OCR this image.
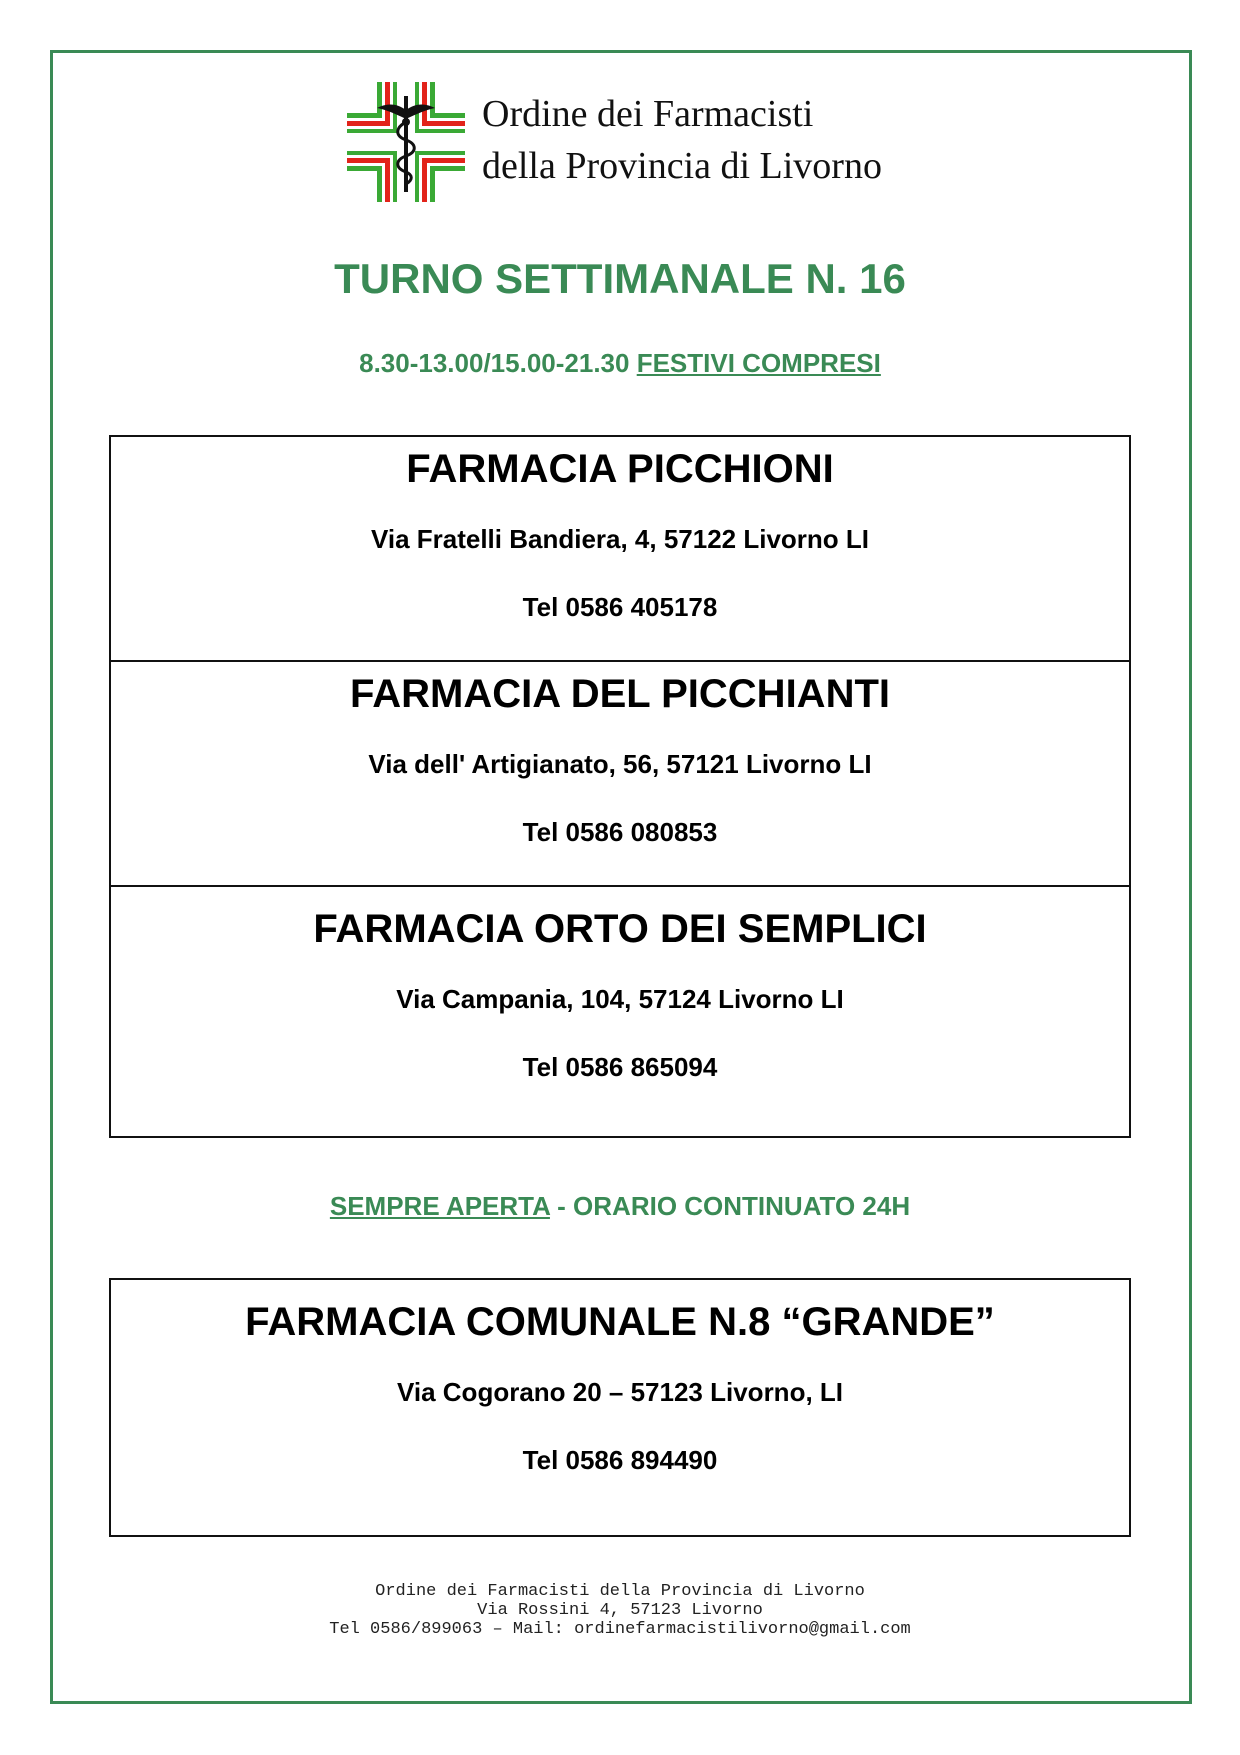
Ordine dei Farmacisti
della Provincia di Livorno
TURNO SETTIMANALE N. 16
8.30-13.00/15.00-21.30 FESTIVI COMPRESI
FARMACIA PICCHIONI
Via Fratelli Bandiera, 4, 57122 Livorno LI
Tel 0586 405178
FARMACIA DEL PICCHIANTI
Via dell' Artigianato, 56, 57121 Livorno LI
Tel 0586 080853
FARMACIA ORTO DEI SEMPLICI
Via Campania, 104, 57124 Livorno LI
Tel 0586 865094
SEMPRE APERTA - ORARIO CONTINUATO 24H
FARMACIA COMUNALE N.8 “GRANDE”
Via Cogorano 20 – 57123 Livorno, LI
Tel 0586 894490
Ordine dei Farmacisti della Provincia di Livorno
Via Rossini 4, 57123 Livorno
Tel 0586/899063 – Mail: ordinefarmacistilivorno@gmail.com
